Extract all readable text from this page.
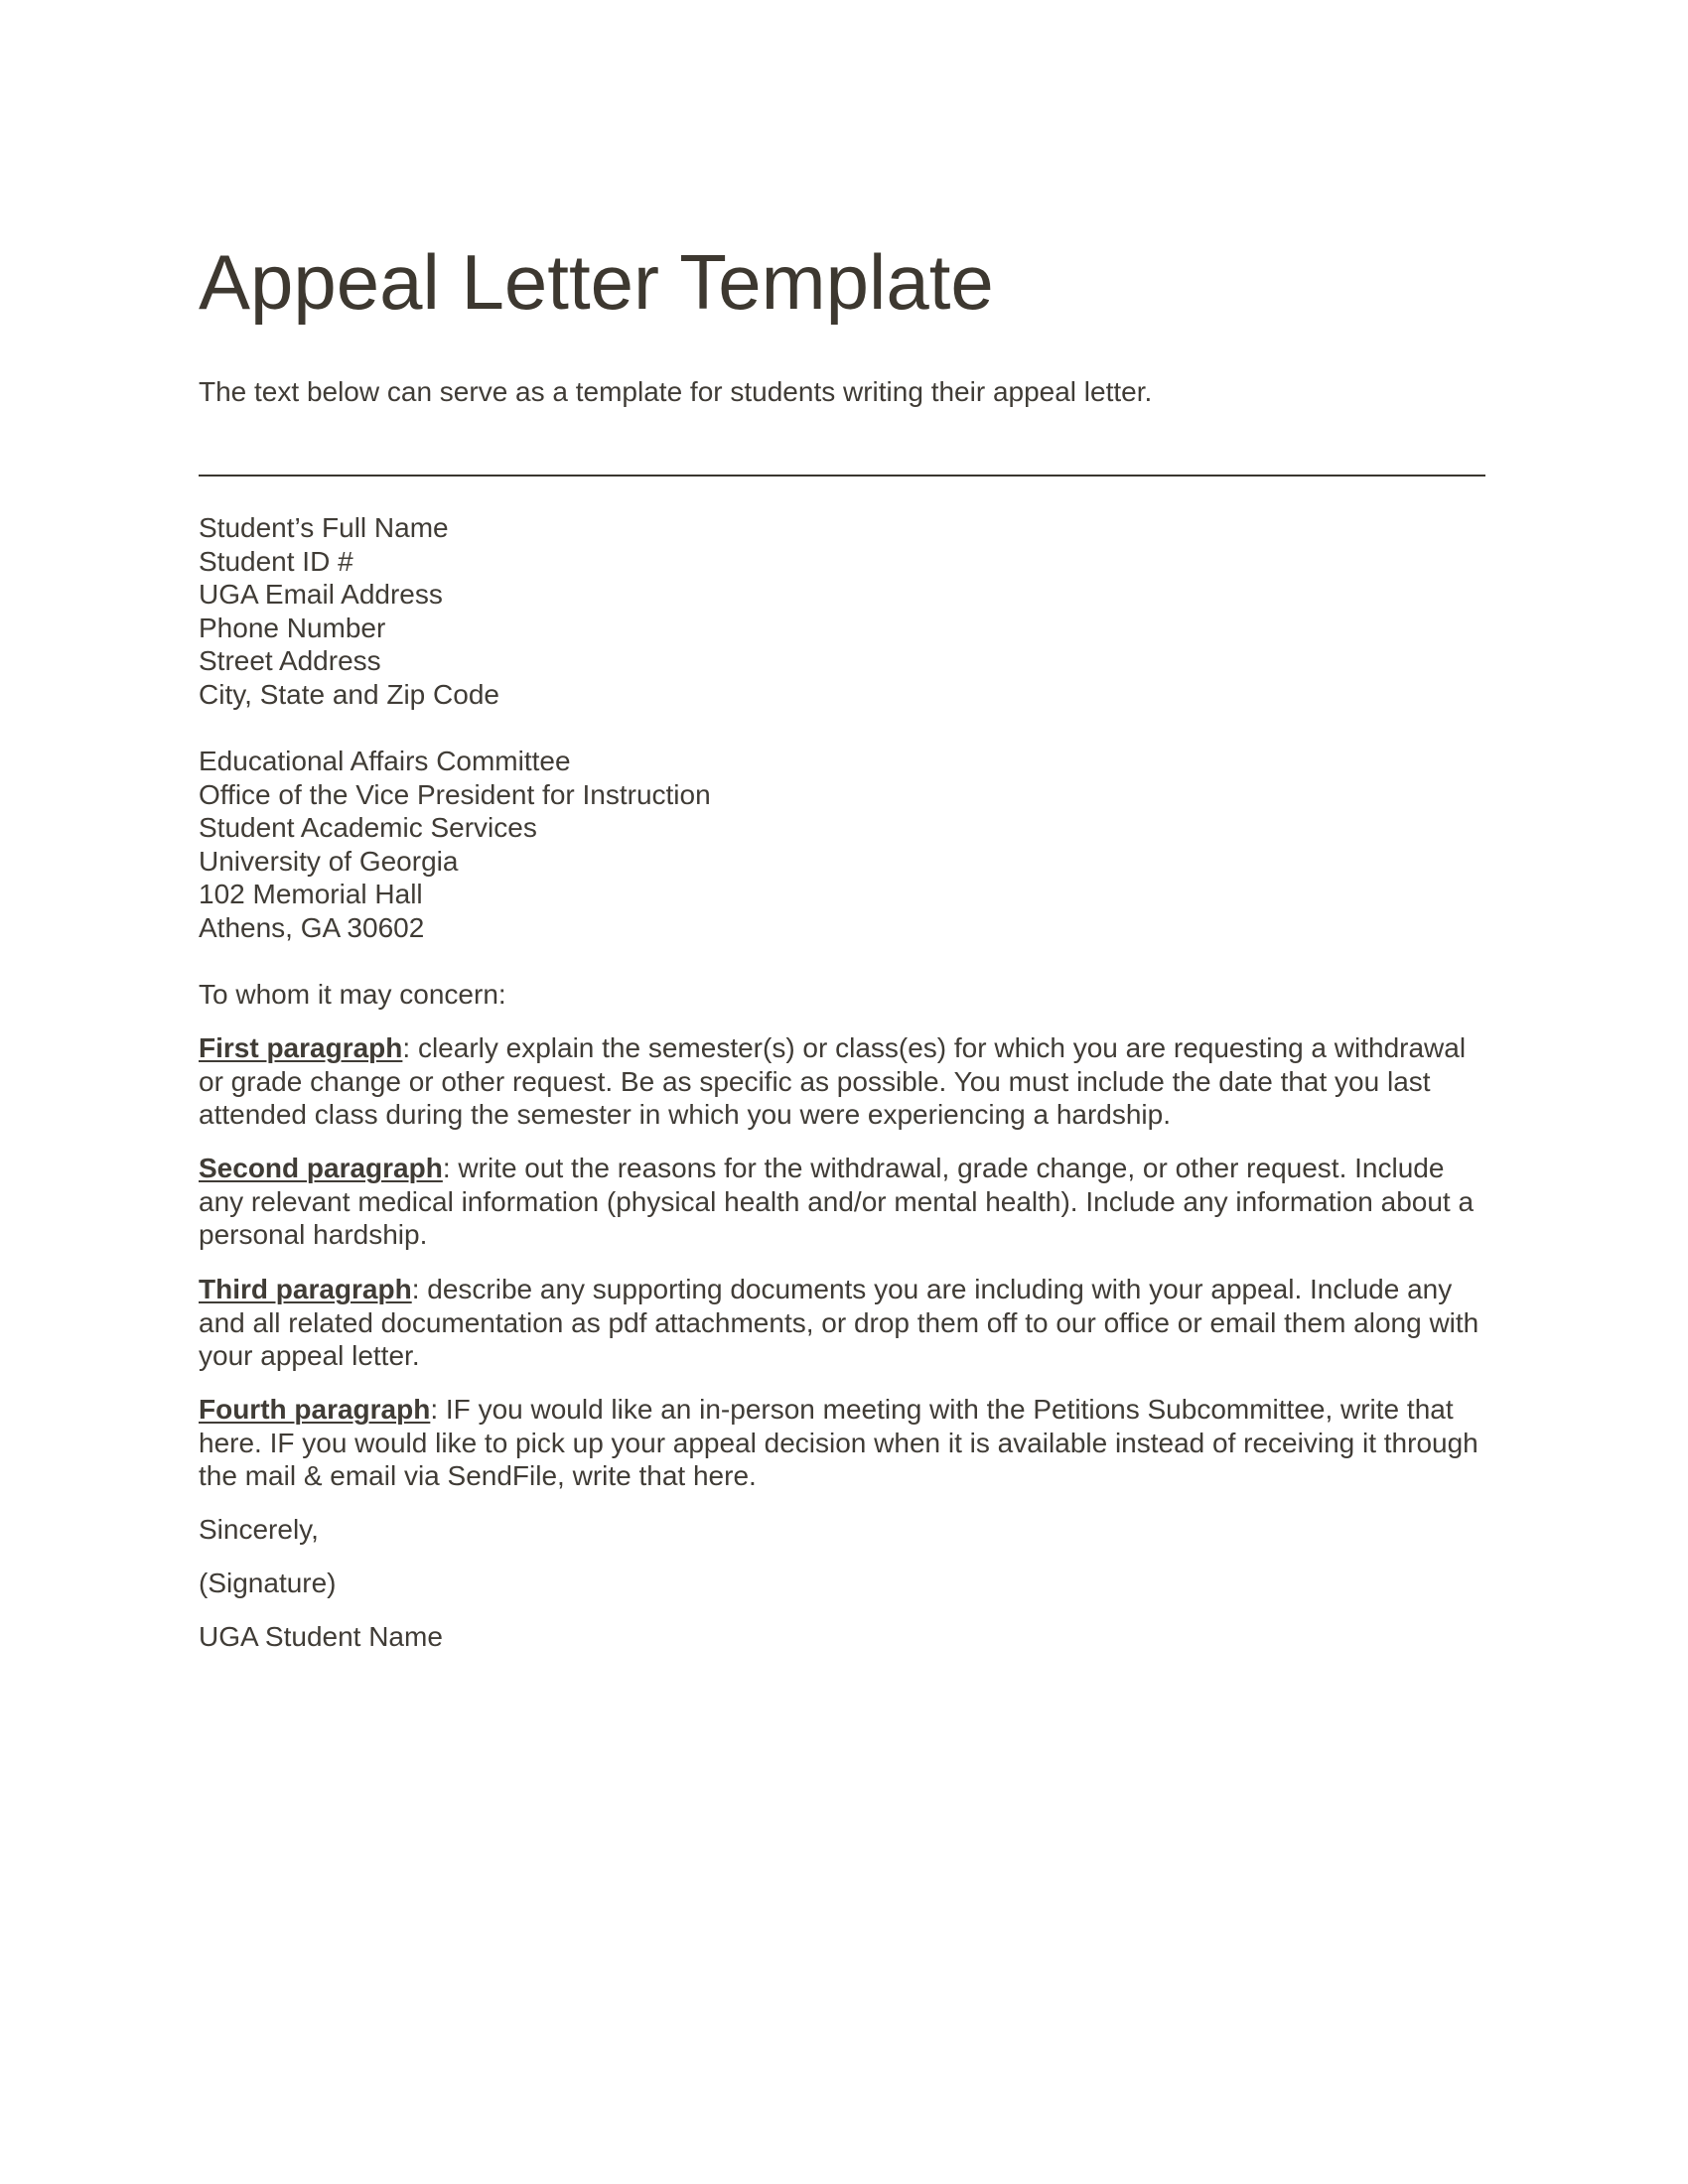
Appeal Letter Template

The text below can serve as a template for students writing their appeal letter.

Student’s Full Name
Student ID #
UGA Email Address
Phone Number
Street Address
City, State and Zip Code
Educational Affairs Committee
Office of the Vice President for Instruction
Student Academic Services
University of Georgia
102 Memorial Hall
Athens, GA 30602

To whom it may concern:

First paragraph: clearly explain the semester(s) or class(es) for which you are requesting a withdrawal or grade change or other request. Be as specific as possible. You must include the date that you last attended class during the semester in which you were experiencing a hardship.

Second paragraph: write out the reasons for the withdrawal, grade change, or other request. Include any relevant medical information (physical health and/or mental health). Include any information about a personal hardship.

Third paragraph: describe any supporting documents you are including with your appeal. Include any and all related documentation as pdf attachments, or drop them off to our office or email them along with your appeal letter.

Fourth paragraph: IF you would like an in-person meeting with the Petitions Subcommittee, write that here. IF you would like to pick up your appeal decision when it is available instead of receiving it through the mail & email via SendFile, write that here.

Sincerely,

(Signature)

UGA Student Name
